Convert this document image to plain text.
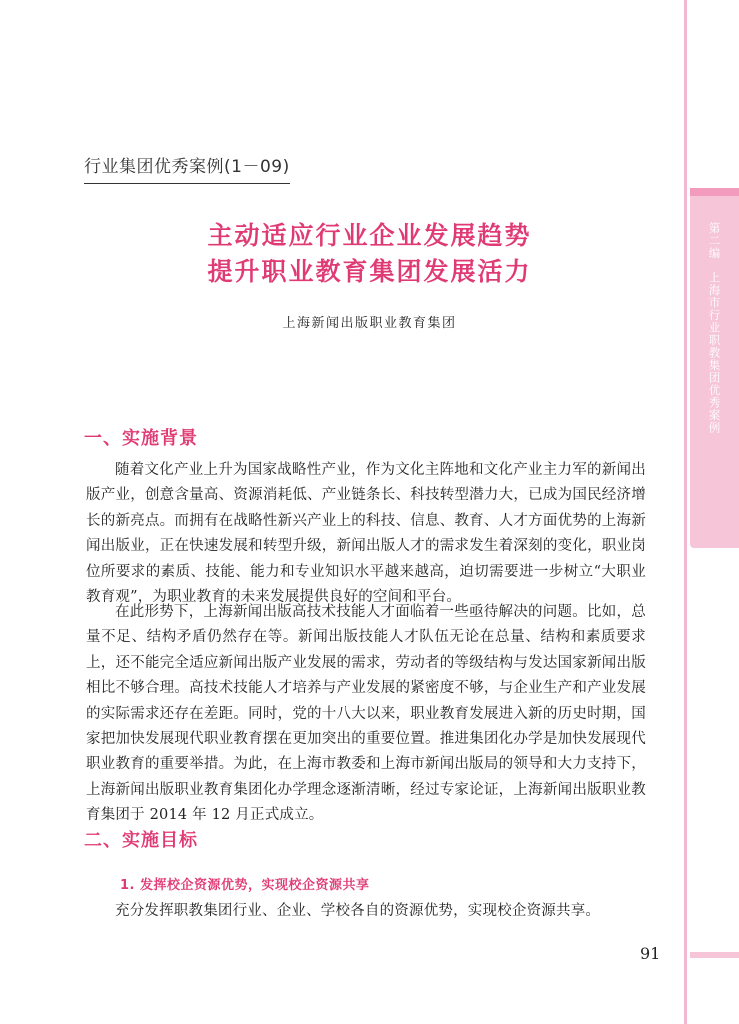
第二编上海市行业职教集团优秀案例
行业集团优秀案例(1－09)
主动适应行业企业发展趋势
提升职业教育集团发展活力
上海新闻出版职业教育集团
一、实施背景

随着文化产业上升为国家战略性产业，作为文化主阵地和文化产业主力军的新闻出版产业，创意含量高、资源消耗低、产业链条长、科技转型潜力大，已成为国民经济增长的新亮点。而拥有在战略性新兴产业上的科技、信息、教育、人才方面优势的上海新闻出版业，正在快速发展和转型升级，新闻出版人才的需求发生着深刻的变化，职业岗位所要求的素质、技能、能力和专业知识水平越来越高，迫切需要进一步树立“大职业教育观”，为职业教育的未来发展提供良好的空间和平台。

在此形势下，上海新闻出版高技术技能人才面临着一些亟待解决的问题。比如，总量不足、结构矛盾仍然存在等。新闻出版技能人才队伍无论在总量、结构和素质要求上，还不能完全适应新闻出版产业发展的需求，劳动者的等级结构与发达国家新闻出版相比不够合理。高技术技能人才培养与产业发展的紧密度不够，与企业生产和产业发展的实际需求还存在差距。同时，党的十八大以来，职业教育发展进入新的历史时期，国家把加快发展现代职业教育摆在更加突出的重要位置。推进集团化办学是加快发展现代职业教育的重要举措。为此，在上海市教委和上海市新闻出版局的领导和大力支持下，上海新闻出版职业教育集团化办学理念逐渐清晰，经过专家论证，上海新闻出版职业教育集团于 2014 年 12 月正式成立。

二、实施目标
1. 发挥校企资源优势，实现校企资源共享

充分发挥职教集团行业、企业、学校各自的资源优势，实现校企资源共享。

91
